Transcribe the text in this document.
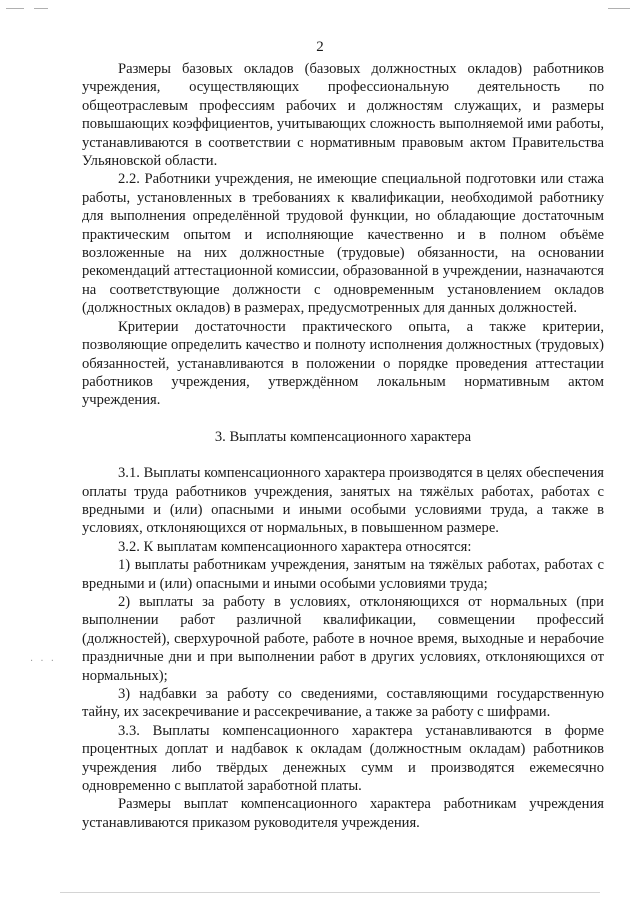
· · ·
2

Размеры базовых окладов (базовых должностных окладов) работников учреждения, осуществляющих профессиональную деятельность по общеотраслевым профессиям рабочих и должностям служащих, и размеры повышающих коэффициентов, учитывающих сложность выполняемой ими работы, устанавливаются в соответствии с нормативным правовым актом Правительства Ульяновской области.

2.2. Работники учреждения, не имеющие специальной подготовки или стажа работы, установленных в требованиях к квалификации, необходимой работнику для выполнения определённой трудовой функции, но обладающие достаточным практическим опытом и исполняющие качественно и в полном объёме возложенные на них должностные (трудовые) обязанности, на основании рекомендаций аттестационной комиссии, образованной в учреждении, назначаются на соответствующие должности с одновременным установлением окладов (должностных окладов) в размерах, предусмотренных для данных должностей.

Критерии достаточности практического опыта, а также критерии, позволяющие определить качество и полноту исполнения должностных (трудовых) обязанностей, устанавливаются в положении о порядке проведения аттестации работников учреждения, утверждённом локальным нормативным актом учреждения.

3. Выплаты компенсационного характера

3.1. Выплаты компенсационного характера производятся в целях обеспечения оплаты труда работников учреждения, занятых на тяжёлых работах, работах с вредными и (или) опасными и иными особыми условиями труда, а также в условиях, отклоняющихся от нормальных, в повышенном размере.

3.2. К выплатам компенсационного характера относятся:

1) выплаты работникам учреждения, занятым на тяжёлых работах, работах с вредными и (или) опасными и иными особыми условиями труда;

2) выплаты за работу в условиях, отклоняющихся от нормальных (при выполнении работ различной квалификации, совмещении профессий (должностей), сверхурочной работе, работе в ночное время, выходные и нерабочие праздничные дни и при выполнении работ в других условиях, отклоняющихся от нормальных);

3) надбавки за работу со сведениями, составляющими государственную тайну, их засекречивание и рассекречивание, а также за работу с шифрами.

3.3. Выплаты компенсационного характера устанавливаются в форме процентных доплат и надбавок к окладам (должностным окладам) работников учреждения либо твёрдых денежных сумм и производятся ежемесячно одновременно с выплатой заработной платы.

Размеры выплат компенсационного характера работникам учреждения устанавливаются приказом руководителя учреждения.
